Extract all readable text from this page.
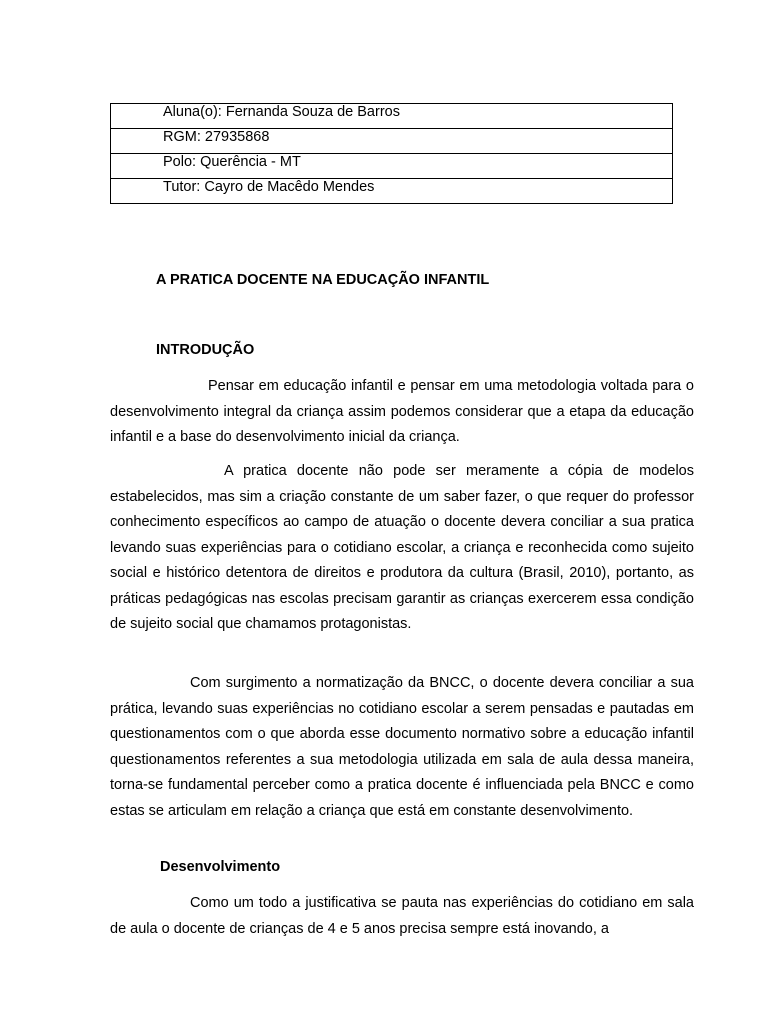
Aluna(o): Fernanda Souza de Barros
RGM: 27935868
Polo: Querência - MT
Tutor: Cayro de Macêdo Mendes
A PRATICA DOCENTE NA EDUCAÇÃO INFANTIL
INTRODUÇÃO

Pensar em educação infantil e pensar em uma metodologia voltada para o desenvolvimento integral da criança assim podemos considerar que a etapa da educação infantil e a base do desenvolvimento inicial da criança.

A pratica docente não pode ser meramente a cópia de modelos estabelecidos, mas sim a criação constante de um saber fazer, o que requer do professor conhecimento específicos ao campo de atuação o docente devera conciliar a sua pratica levando suas experiências para o cotidiano escolar, a criança e reconhecida como sujeito social e histórico detentora de direitos e produtora da cultura (Brasil, 2010), portanto, as práticas pedagógicas nas escolas precisam garantir as crianças exercerem essa condição de sujeito social que chamamos protagonistas.

Com surgimento a normatização da BNCC, o docente devera conciliar a sua prática, levando suas experiências no cotidiano escolar a serem pensadas e pautadas em questionamentos com o que aborda esse documento normativo sobre a educação infantil questionamentos referentes a sua metodologia utilizada em sala de aula dessa maneira, torna-se fundamental perceber como a pratica docente é influenciada pela BNCC e como estas se articulam em relação a criança que está em constante desenvolvimento.

Desenvolvimento

Como um todo a justificativa se pauta nas experiências do cotidiano em sala de aula o docente de crianças de 4 e 5 anos precisa sempre está inovando, a
